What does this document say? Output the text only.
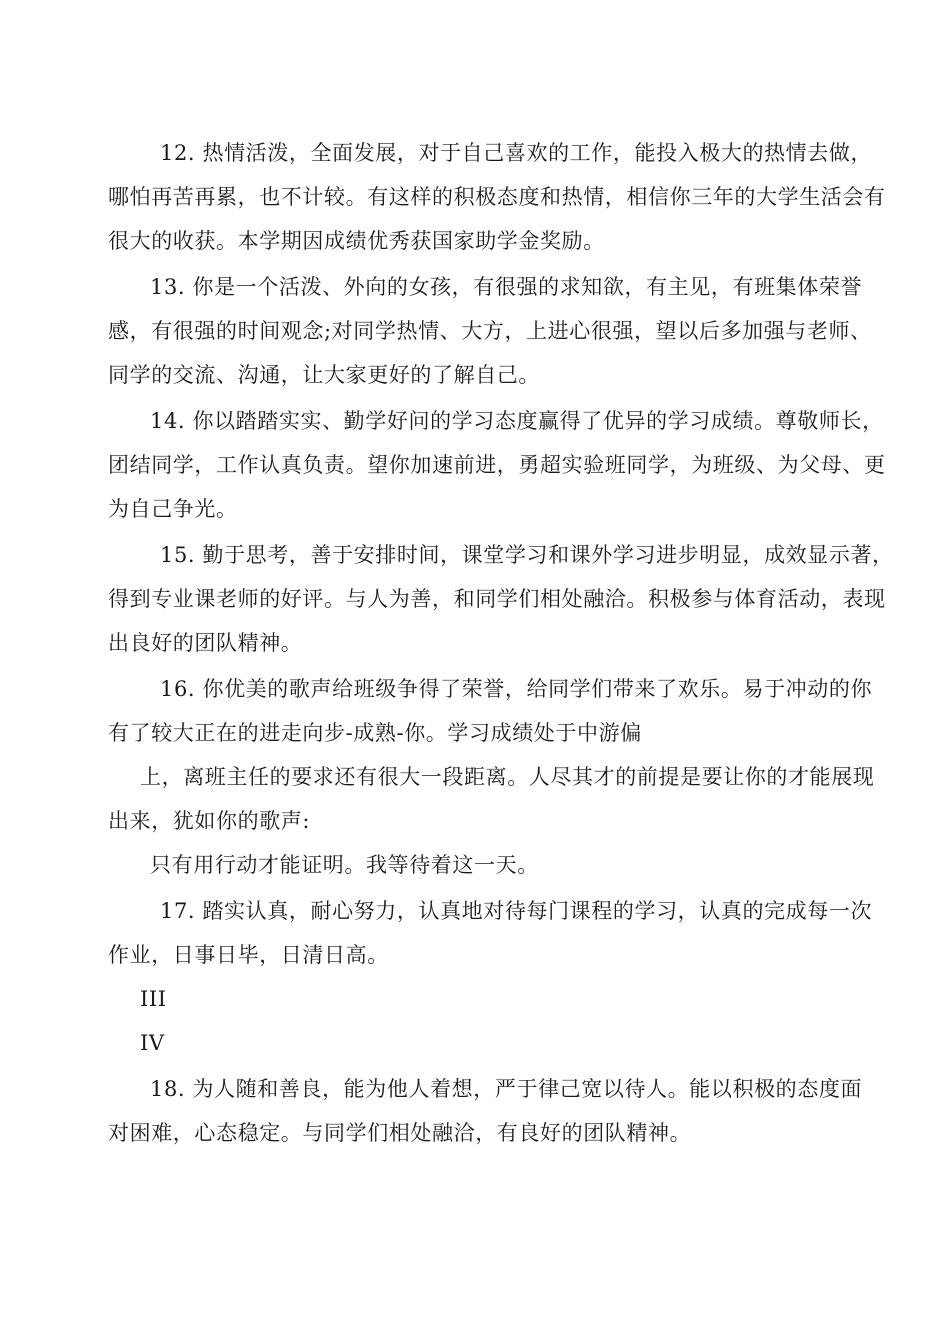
12. 热情活泼，全面发展，对于自己喜欢的工作，能投入极大的热情去做，
哪怕再苦再累，也不计较。有这样的积极态度和热情，相信你三年的大学生活会有
很大的收获。本学期因成绩优秀获国家助学金奖励。
13. 你是一个活泼、外向的女孩，有很强的求知欲，有主见，有班集体荣誉
感，有很强的时间观念;对同学热情、大方，上进心很强，望以后多加强与老师、
同学的交流、沟通，让大家更好的了解自己。
14. 你以踏踏实实、勤学好问的学习态度赢得了优异的学习成绩。尊敬师长，
团结同学，工作认真负责。望你加速前进，勇超实验班同学，为班级、为父母、更
为自己争光。
15. 勤于思考，善于安排时间，课堂学习和课外学习进步明显，成效显示著，
得到专业课老师的好评。与人为善，和同学们相处融洽。积极参与体育活动，表现
出良好的团队精神。
16. 你优美的歌声给班级争得了荣誉，给同学们带来了欢乐。易于冲动的你
有了较大正在的进走向步-成熟-你。学习成绩处于中游偏
上，离班主任的要求还有很大一段距离。人尽其才的前提是要让你的才能展现
出来，犹如你的歌声:
只有用行动才能证明。我等待着这一天。
17. 踏实认真，耐心努力，认真地对待每门课程的学习，认真的完成每一次
作业，日事日毕，日清日高。
III
IV
18. 为人随和善良，能为他人着想，严于律己宽以待人。能以积极的态度面
对困难，心态稳定。与同学们相处融洽，有良好的团队精神。
